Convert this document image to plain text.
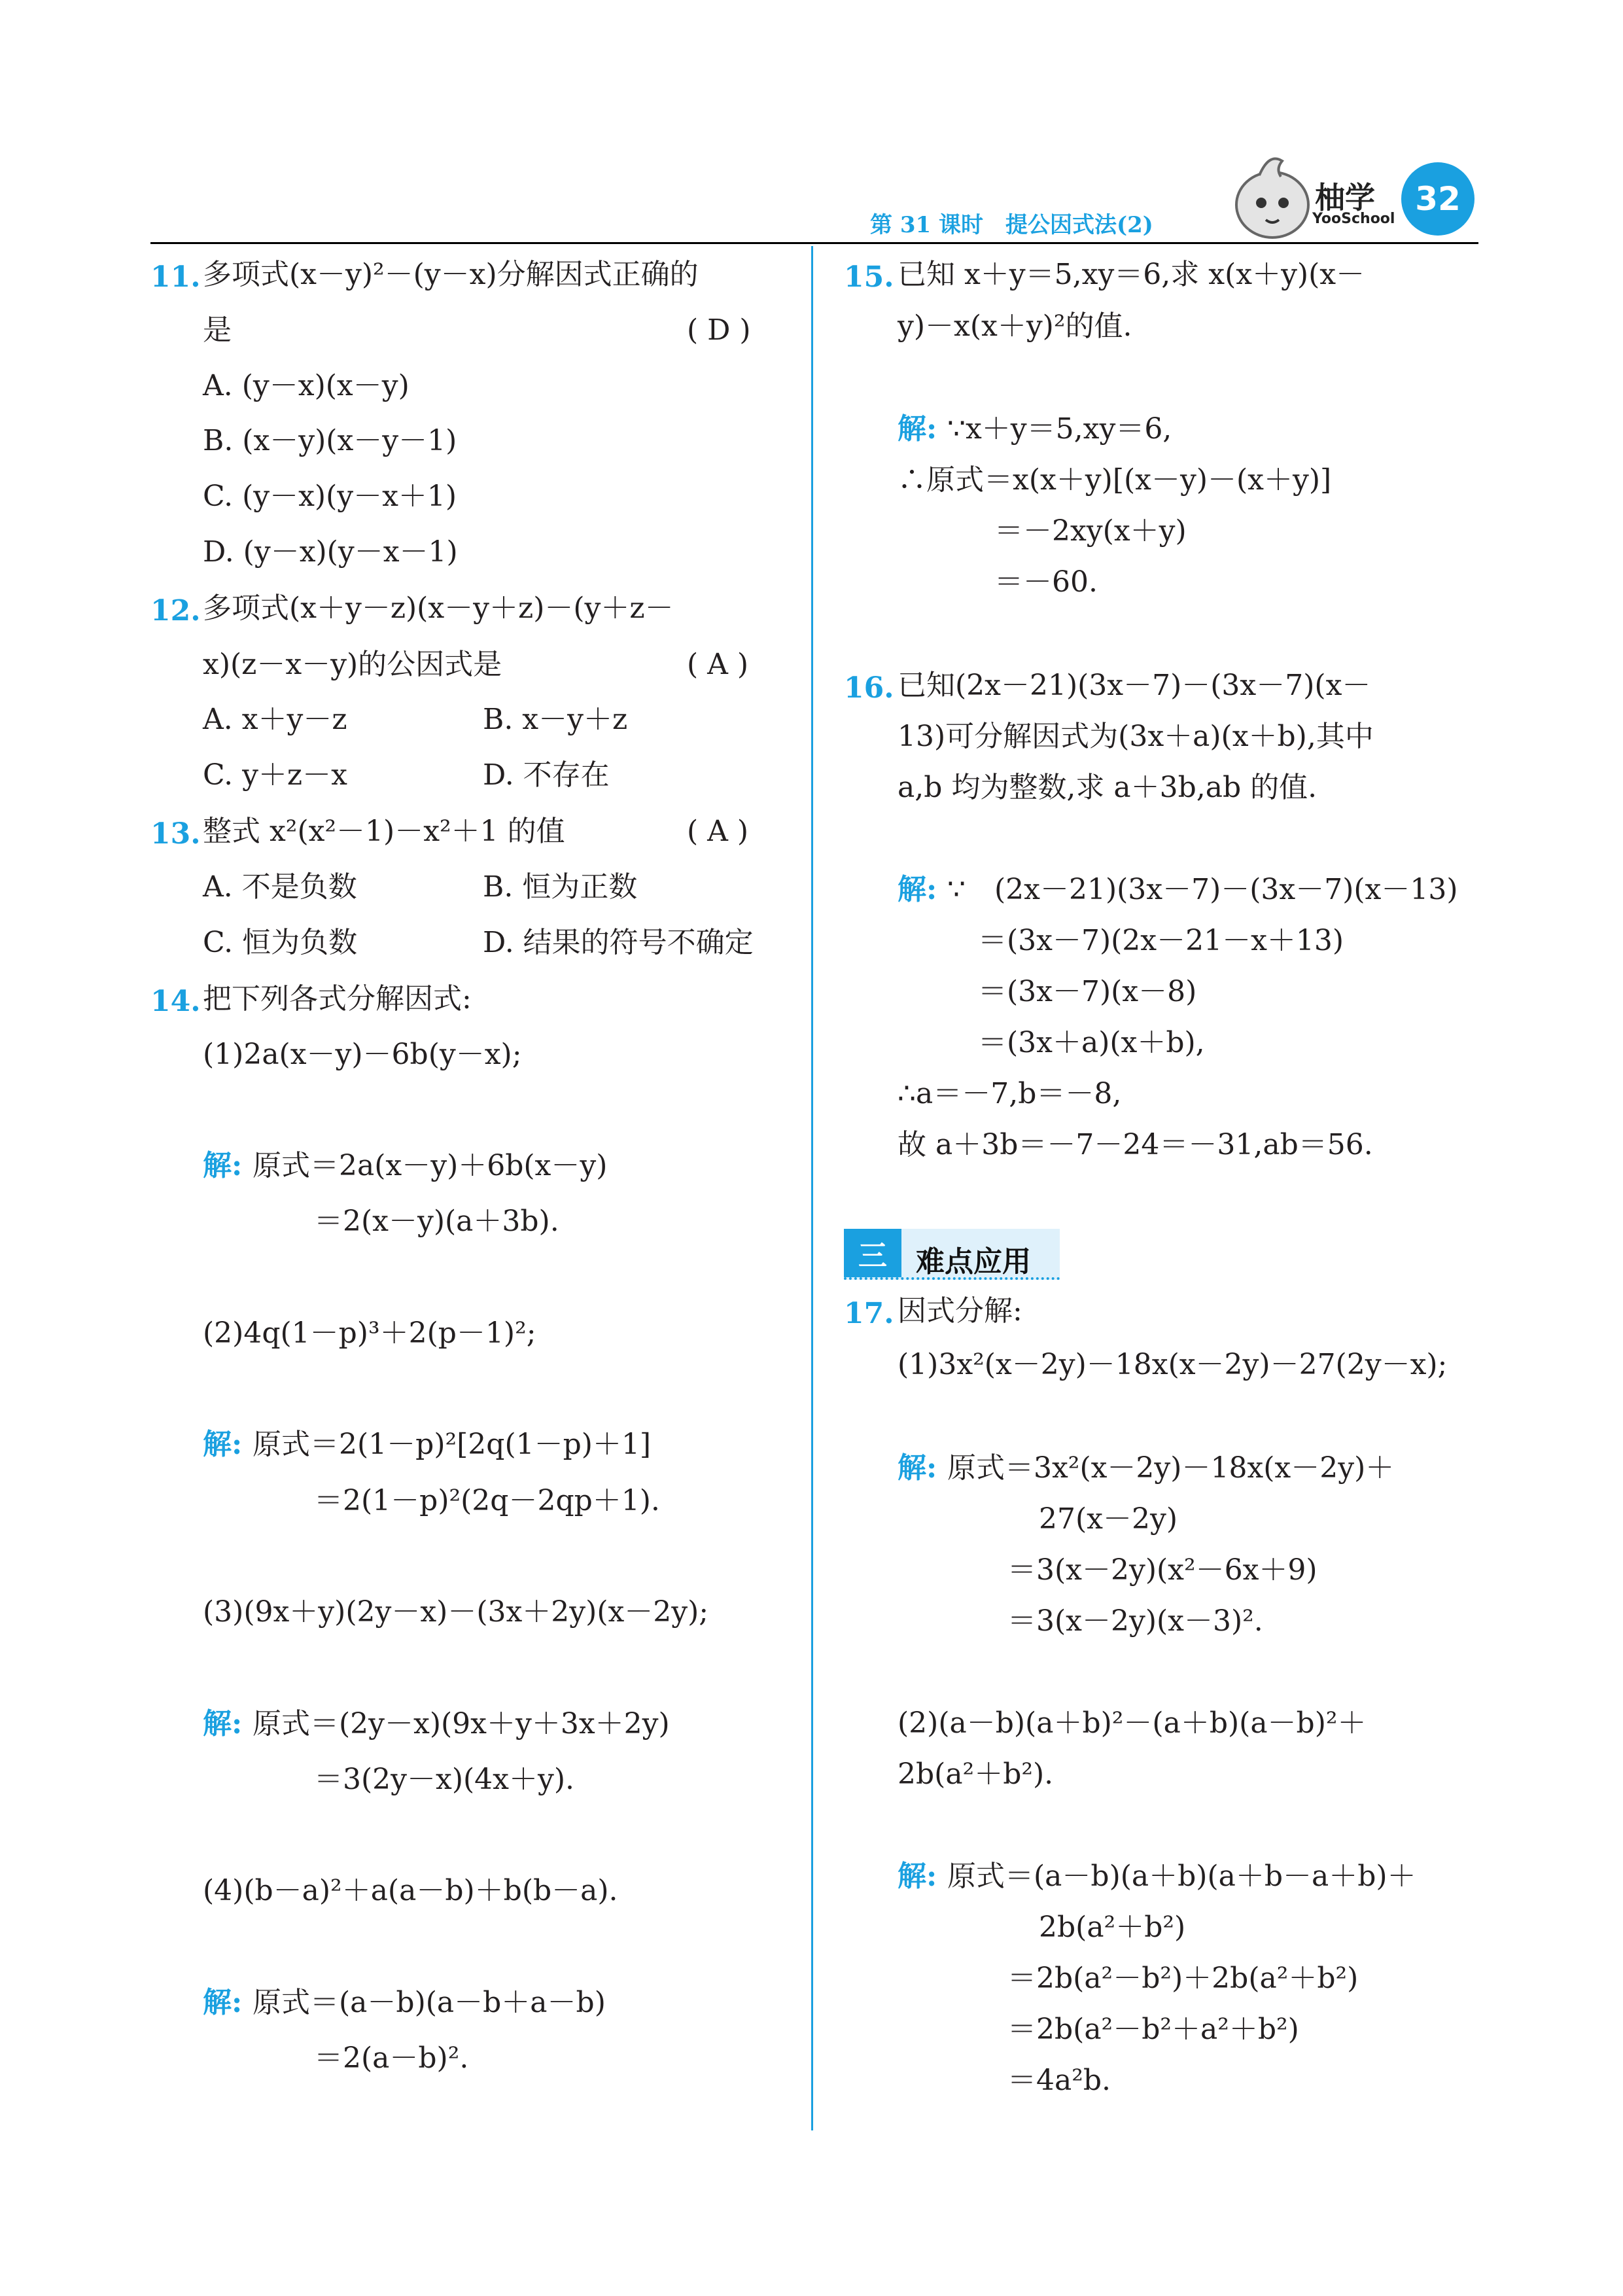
第 31 课时　提公因式法(2)
柚学
YooSchool
32
11. 多项式(x－y)²－(y－x)分解因式正确的
是	( D )
A. (y－x)(x－y)
B. (x－y)(x－y－1)
C. (y－x)(y－x＋1)
D. (y－x)(y－x－1)
12. 多项式(x＋y－z)(x－y＋z)－(y＋z－
x)(z－x－y)的公因式是	( A )
A. x＋y－z	B. x－y＋z
C. y＋z－x	D. 不存在
13. 整式 x²(x²－1)－x²＋1 的值	( A )
A. 不是负数	B. 恒为正数
C. 恒为负数	D. 结果的符号不确定
14. 把下列各式分解因式:
(1)2a(x－y)－6b(y－x);
解: 原式＝2a(x－y)＋6b(x－y)
＝2(x－y)(a＋3b).
(2)4q(1－p)³＋2(p－1)²;
解: 原式＝2(1－p)²[2q(1－p)＋1]
＝2(1－p)²(2q－2qp＋1).
(3)(9x＋y)(2y－x)－(3x＋2y)(x－2y);
解: 原式＝(2y－x)(9x＋y＋3x＋2y)
＝3(2y－x)(4x＋y).
(4)(b－a)²＋a(a－b)＋b(b－a).
解: 原式＝(a－b)(a－b＋a－b)
＝2(a－b)².
15. 已知 x＋y＝5,xy＝6,求 x(x＋y)(x－
y)－x(x＋y)²的值.
解: ∵x＋y＝5,xy＝6,
∴原式＝x(x＋y)[(x－y)－(x＋y)]
＝－2xy(x＋y)
＝－60.
16. 已知(2x－21)(3x－7)－(3x－7)(x－
13)可分解因式为(3x＋a)(x＋b),其中
a,b 均为整数,求 a＋3b,ab 的值.
解: ∵　(2x－21)(3x－7)－(3x－7)(x－13)
＝(3x－7)(2x－21－x＋13)
＝(3x－7)(x－8)
＝(3x＋a)(x＋b),
∴a＝－7,b＝－8,
故 a＋3b＝－7－24＝－31,ab＝56.
三	难点应用
17. 因式分解:
(1)3x²(x－2y)－18x(x－2y)－27(2y－x);
解: 原式＝3x²(x－2y)－18x(x－2y)＋
27(x－2y)
＝3(x－2y)(x²－6x＋9)
＝3(x－2y)(x－3)².
(2)(a－b)(a＋b)²－(a＋b)(a－b)²＋
2b(a²＋b²).
解: 原式＝(a－b)(a＋b)(a＋b－a＋b)＋
2b(a²＋b²)
＝2b(a²－b²)＋2b(a²＋b²)
＝2b(a²－b²＋a²＋b²)
＝4a²b.
